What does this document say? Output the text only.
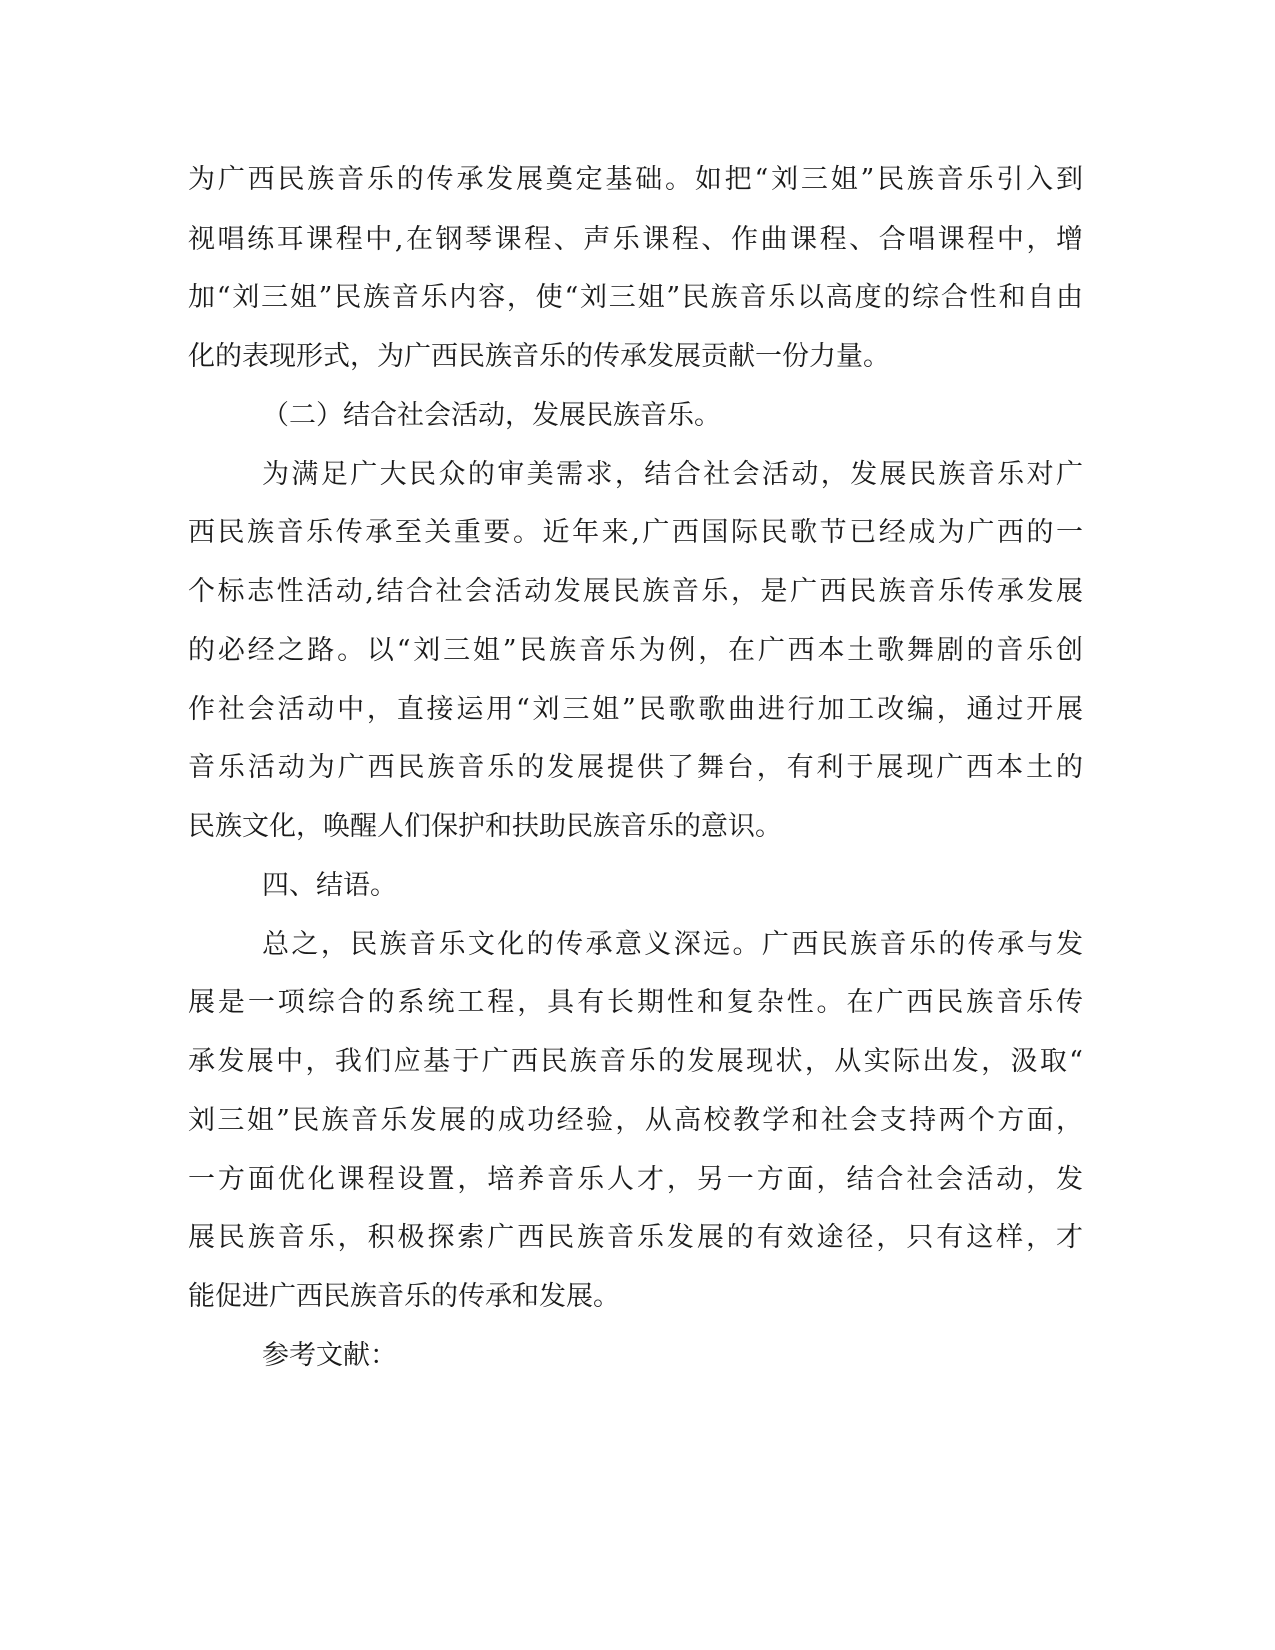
为广西民族音乐的传承发展奠定基础。如把“刘三姐”民族音乐引入到
视唱练耳课程中,在钢琴课程、声乐课程、作曲课程、合唱课程中，增
加“刘三姐”民族音乐内容，使“刘三姐”民族音乐以高度的综合性和自由
化的表现形式，为广西民族音乐的传承发展贡献一份力量。
（二）结合社会活动，发展民族音乐。
为满足广大民众的审美需求，结合社会活动，发展民族音乐对广
西民族音乐传承至关重要。近年来,广西国际民歌节已经成为广西的一
个标志性活动,结合社会活动发展民族音乐，是广西民族音乐传承发展
的必经之路。以“刘三姐”民族音乐为例，在广西本土歌舞剧的音乐创
作社会活动中，直接运用“刘三姐”民歌歌曲进行加工改编，通过开展
音乐活动为广西民族音乐的发展提供了舞台，有利于展现广西本土的
民族文化，唤醒人们保护和扶助民族音乐的意识。
四、结语。
总之，民族音乐文化的传承意义深远。广西民族音乐的传承与发
展是一项综合的系统工程，具有长期性和复杂性。在广西民族音乐传
承发展中，我们应基于广西民族音乐的发展现状，从实际出发，汲取“
刘三姐”民族音乐发展的成功经验，从高校教学和社会支持两个方面，
一方面优化课程设置，培养音乐人才，另一方面，结合社会活动，发
展民族音乐，积极探索广西民族音乐发展的有效途径，只有这样，才
能促进广西民族音乐的传承和发展。
参考文献：
